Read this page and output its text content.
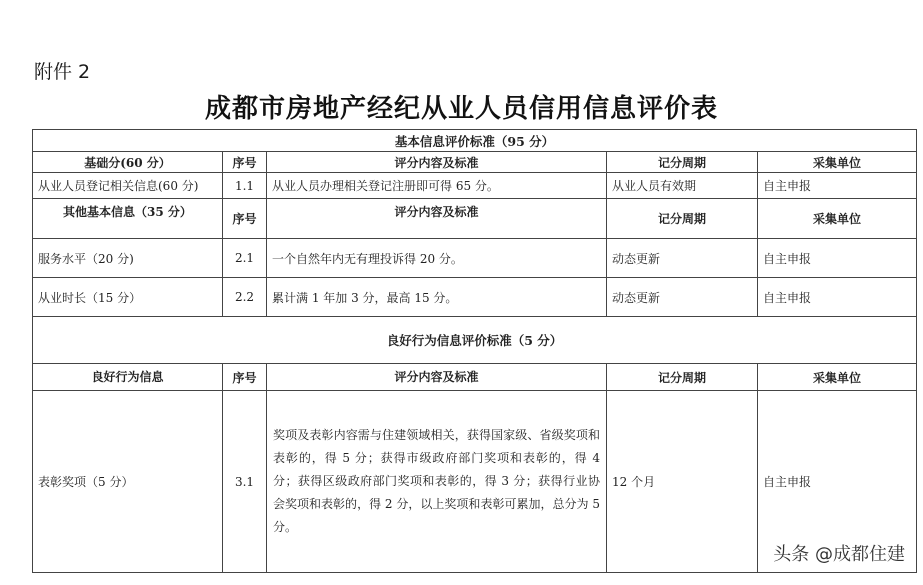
附件 2
成都市房地产经纪从业人员信用信息评价表
基本信息评价标准（95 分）				
基础分(60 分）	序号	评分内容及标准	记分周期	采集单位
从业人员登记相关信息(60 分)	1.1	从业人员办理相关登记注册即可得 65 分。	从业人员有效期	自主申报
其他基本信息（35 分）	序号	评分内容及标准	记分周期	采集单位
服务水平（20 分)	2.1	一个自然年内无有理投诉得 20 分。	动态更新	自主申报
从业时长（15 分）	2.2	累计满 1 年加 3 分，最高 15 分。	动态更新	自主申报
良好行为信息评价标准（5 分）				
良好行为信息	序号	评分内容及标准	记分周期	采集单位
表彰奖项（5 分）	3.1	奖项及表彰内容需与住建领域相关，获得国家级、省级奖项和表彰的，得 5 分；获得市级政府部门奖项和表彰的，得 4 分；获得区级政府部门奖项和表彰的，得 3 分；获得行业协会奖项和表彰的，得 2 分，以上奖项和表彰可累加，总分为 5 分。	12 个月	自主申报
头条 @成都住建
